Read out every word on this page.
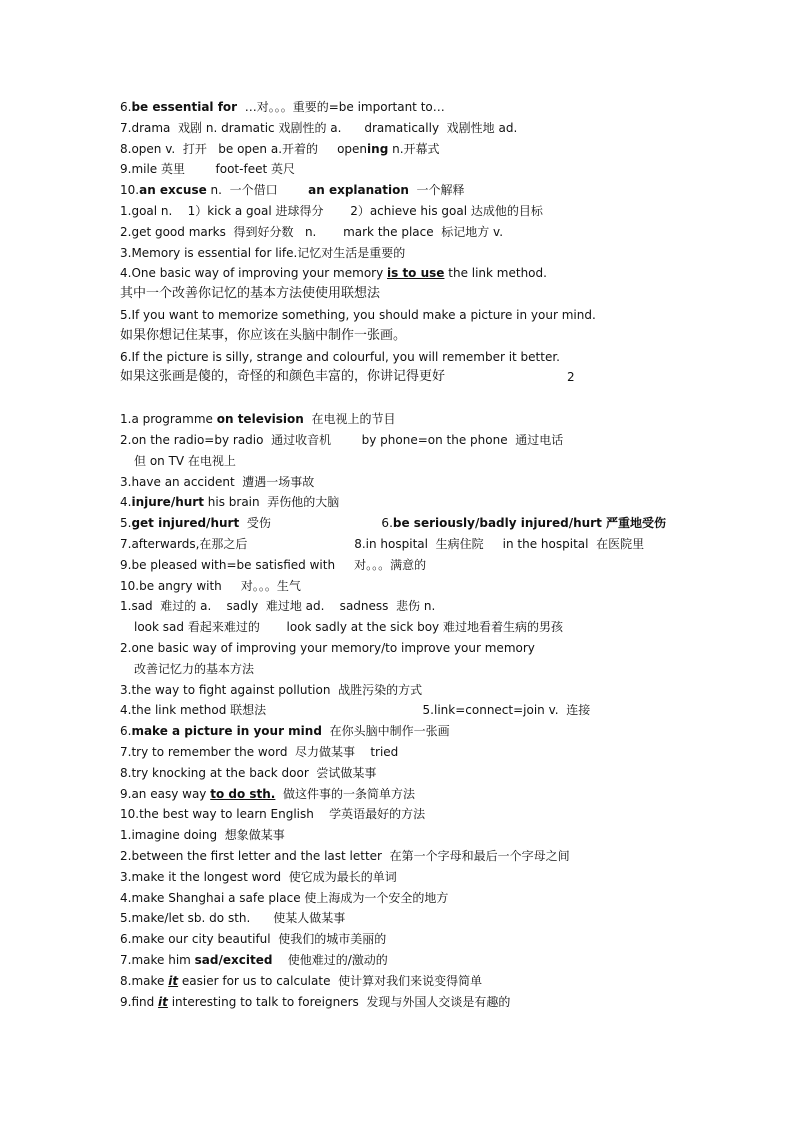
6.be essential for  …对。。。重要的=be important to…
7.drama  戏剧 n. dramatic 戏剧性的 a.      dramatically  戏剧性地 ad.
8.open v.  打开   be open a.开着的     opening n.开幕式
9.mile 英里        foot-feet 英尺
10.an excuse n.  一个借口        an explanation  一个解释
1.goal n.    1）kick a goal 进球得分       2）achieve his goal 达成他的目标
2.get good marks  得到好分数   n.       mark the place  标记地方 v.
3.Memory is essential for life.记忆对生活是重要的
4.One basic way of improving your memory is to use the link method.
其中一个改善你记忆的基本方法使使用联想法
5.If you want to memorize something, you should make a picture in your mind.
如果你想记住某事，你应该在头脑中制作一张画。
6.If the picture is silly, strange and colourful, you will remember it better.
如果这张画是傻的，奇怪的和颜色丰富的，你讲记得更好
1.a programme on television  在电视上的节目
2.on the radio=by radio  通过收音机        by phone=on the phone  通过电话
但 on TV 在电视上
3.have an accident  遭遇一场事故
4.injure/hurt his brain  弄伤他的大脑
5.get injured/hurt  受伤                             6.be seriously/badly injured/hurt 严重地受伤
7.afterwards,在那之后                            8.in hospital  生病住院     in the hospital  在医院里
9.be pleased with=be satisfied with     对。。。满意的
10.be angry with     对。。。生气
1.sad  难过的 a.    sadly  难过地 ad.    sadness  悲伤 n.
look sad 看起来难过的       look sadly at the sick boy 难过地看着生病的男孩
2.one basic way of improving your memory/to improve your memory
改善记忆力的基本方法
3.the way to fight against pollution  战胜污染的方式
4.the link method 联想法                                         5.link=connect=join v.  连接
6.make a picture in your mind  在你头脑中制作一张画
7.try to remember the word  尽力做某事    tried
8.try knocking at the back door  尝试做某事
9.an easy way to do sth.  做这件事的一条简单方法
10.the best way to learn English    学英语最好的方法
1.imagine doing  想象做某事
2.between the first letter and the last letter  在第一个字母和最后一个字母之间
3.make it the longest word  使它成为最长的单词
4.make Shanghai a safe place 使上海成为一个安全的地方
5.make/let sb. do sth.      使某人做某事
6.make our city beautiful  使我们的城市美丽的
7.make him sad/excited    使他难过的/激动的
8.make it easier for us to calculate  使计算对我们来说变得简单
9.find it interesting to talk to foreigners  发现与外国人交谈是有趣的
2
